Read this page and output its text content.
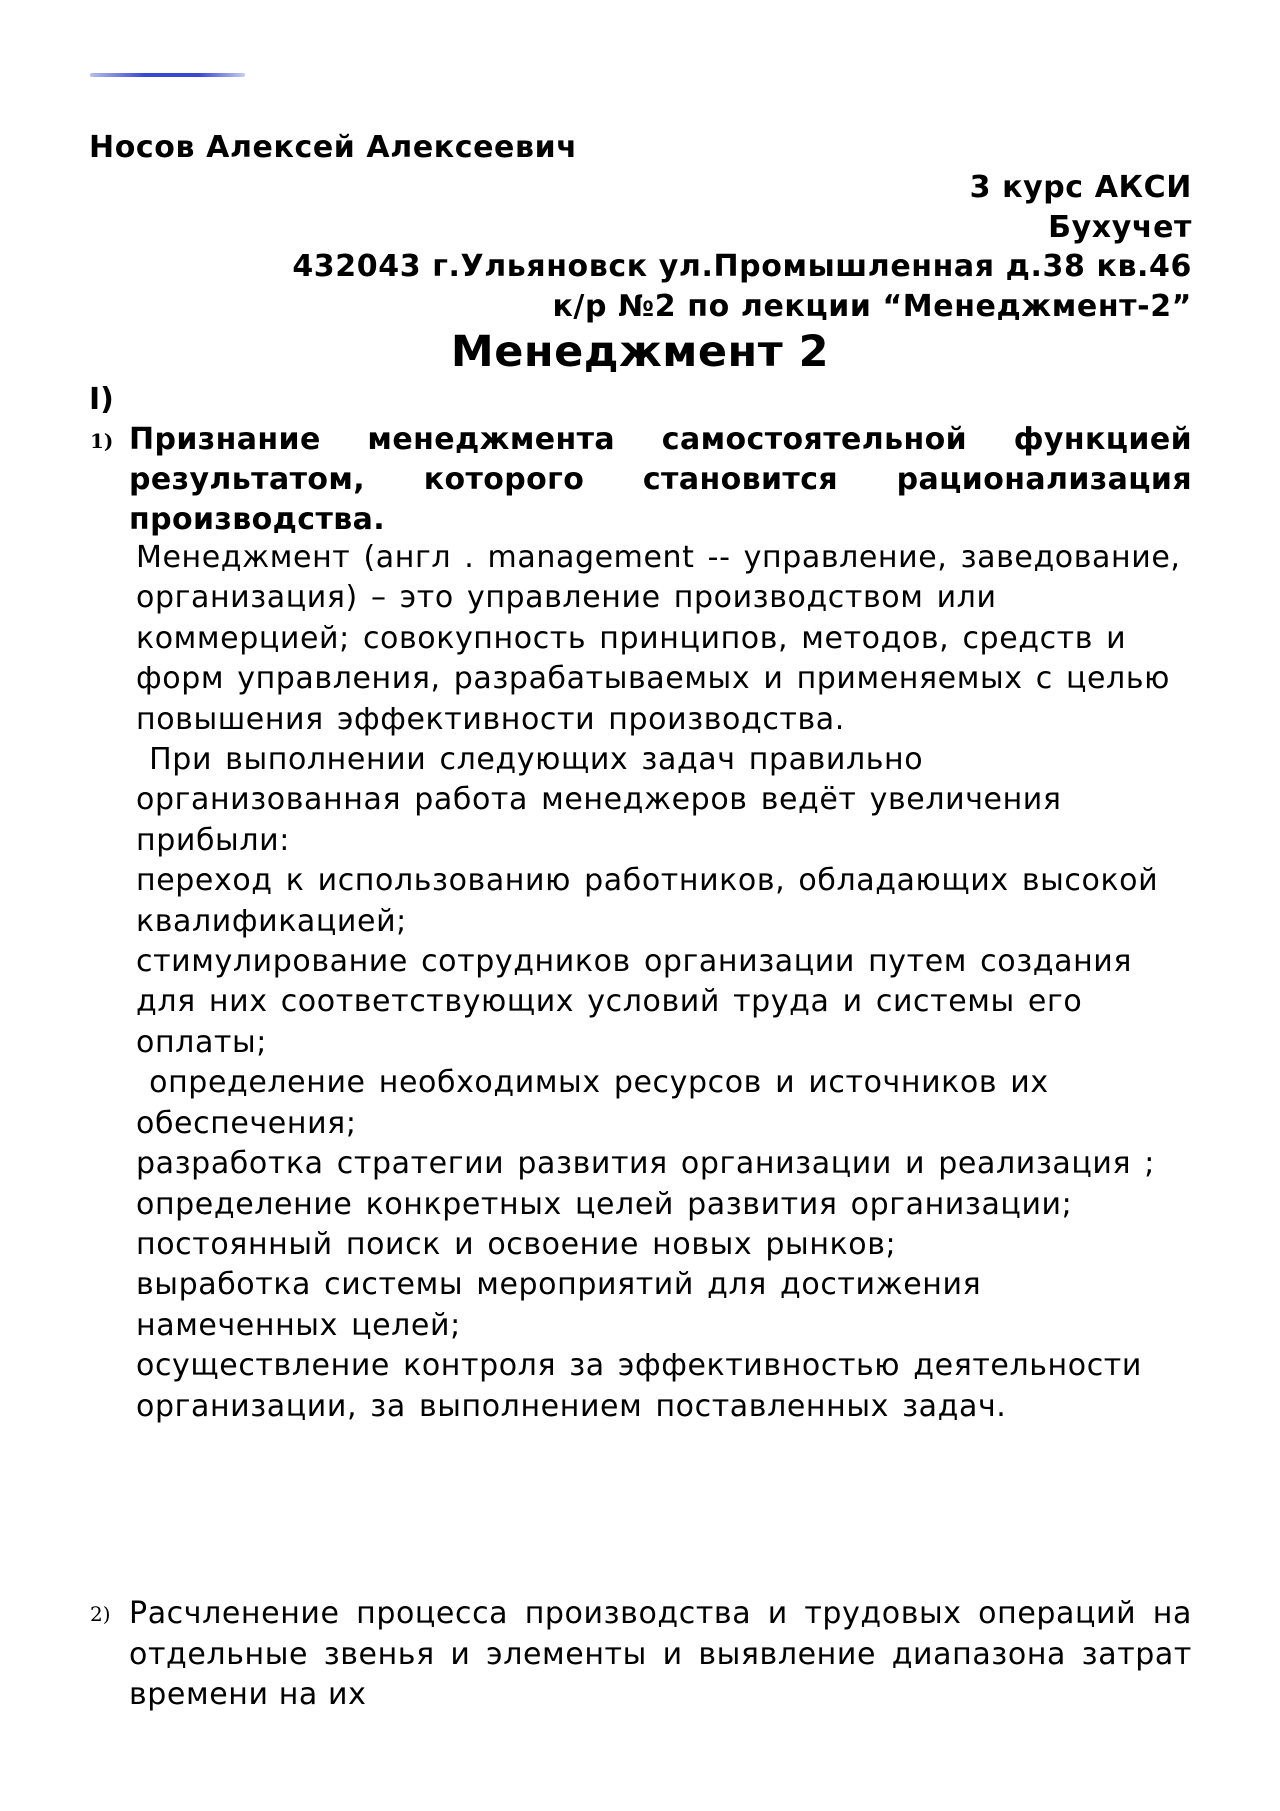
Носов Алексей Алексеевич
3 курс АКСИ
Бухучет
432043 г.Ульяновск ул.Промышленная д.38 кв.46
к/р №2 по лекции “Менеджмент-2”
Менеджмент 2
I)
1) Признание менеджмента самостоятельной функцией результатом, которого становится рационализация производства.

Менеджмент (англ . management -- управление, заведование, организация) – это управление производством или коммерцией; совокупность принципов, методов, средств и форм управления, разрабатываемых и применяемых с целью повышения эффективности производства.

При выполнении следующих задач правильно организованная работа менеджеров ведёт увеличения прибыли:

переход к использованию работников, обладающих высокой квалификацией;

стимулирование сотрудников организации путем создания для них соответствующих условий труда и системы его оплаты;

определение необходимых ресурсов и источников их обеспечения;

разработка стратегии развития организации и реализация ;

определение конкретных целей развития организации;

постоянный поиск и освоение новых рынков;

выработка системы мероприятий для достижения намеченных целей;

осуществление контроля за эффективностью деятельности организации, за выполнением поставленных задач.

2) Расчленение процесса производства и трудовых операций на отдельные звенья и элементы и выявление диапазона затрат времени на их
